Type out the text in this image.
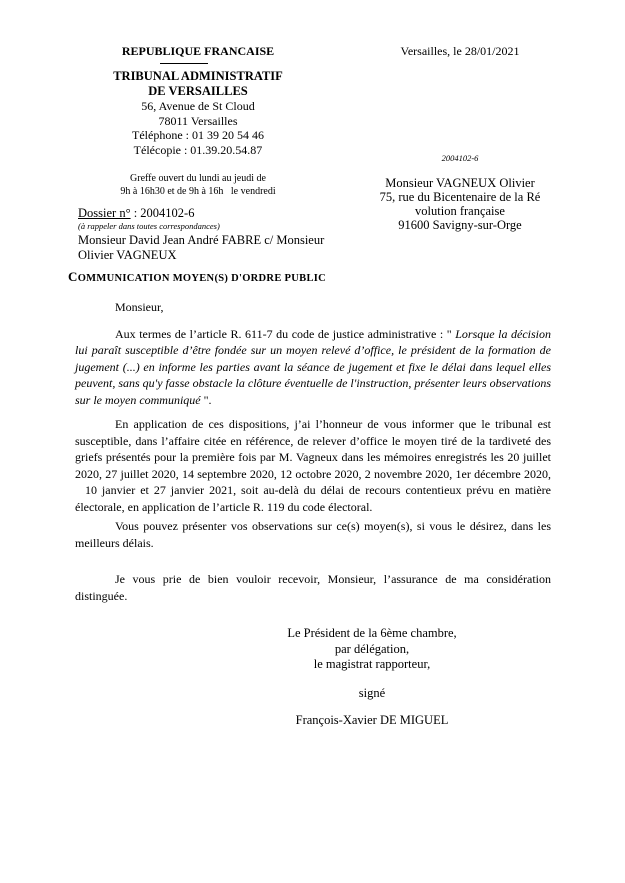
REPUBLIQUE FRANCAISE
TRIBUNAL ADMINISTRATIF
DE VERSAILLES
56, Avenue de St Cloud
78011 Versailles
Téléphone : 01 39 20 54 46
Télécopie : 01.39.20.54.87
Greffe ouvert du lundi au jeudi de
9h à 16h30 et de 9h à 16h   le vendredi
Versailles, le 28/01/2021
2004102-6
Monsieur VAGNEUX Olivier
75, rue du Bicentenaire de la Ré
volution française
91600 Savigny-sur-Orge
Dossier n° : 2004102-6
(à rappeler dans toutes correspondances)
Monsieur David Jean André FABRE c/ Monsieur
Olivier VAGNEUX
COMMUNICATION MOYEN(S) D'ORDRE PUBLIC
Monsieur,

Aux termes de l’article R. 611-7 du code de justice administrative : " Lorsque la décision lui paraît susceptible d’être fondée sur un moyen relevé d’office, le président de la formation de jugement (...) en informe les parties avant la séance de jugement et fixe le délai dans lequel elles peuvent, sans qu'y fasse obstacle la clôture éventuelle de l'instruction, présenter leurs observations sur le moyen communiqué ".

En application de ces dispositions, j’ai l’honneur de vous informer que le tribunal est susceptible, dans l’affaire citée en référence, de relever d’office le moyen tiré de la tardiveté des griefs présentés pour la première fois par M. Vagneux dans les mémoires enregistrés les 20 juillet 2020, 27 juillet 2020, 14 septembre 2020, 12 octobre 2020, 2 novembre 2020, 1er décembre 2020,   10 janvier et 27 janvier 2021, soit au-delà du délai de recours contentieux prévu en matière électorale, en application de l’article R. 119 du code électoral.

Vous pouvez présenter vos observations sur ce(s) moyen(s), si vous le désirez, dans les meilleurs délais.

Je vous prie de bien vouloir recevoir, Monsieur, l’assurance de ma considération distinguée.

Le Président de la 6ème chambre,
par délégation,
le magistrat rapporteur,
signé
François-Xavier DE MIGUEL
